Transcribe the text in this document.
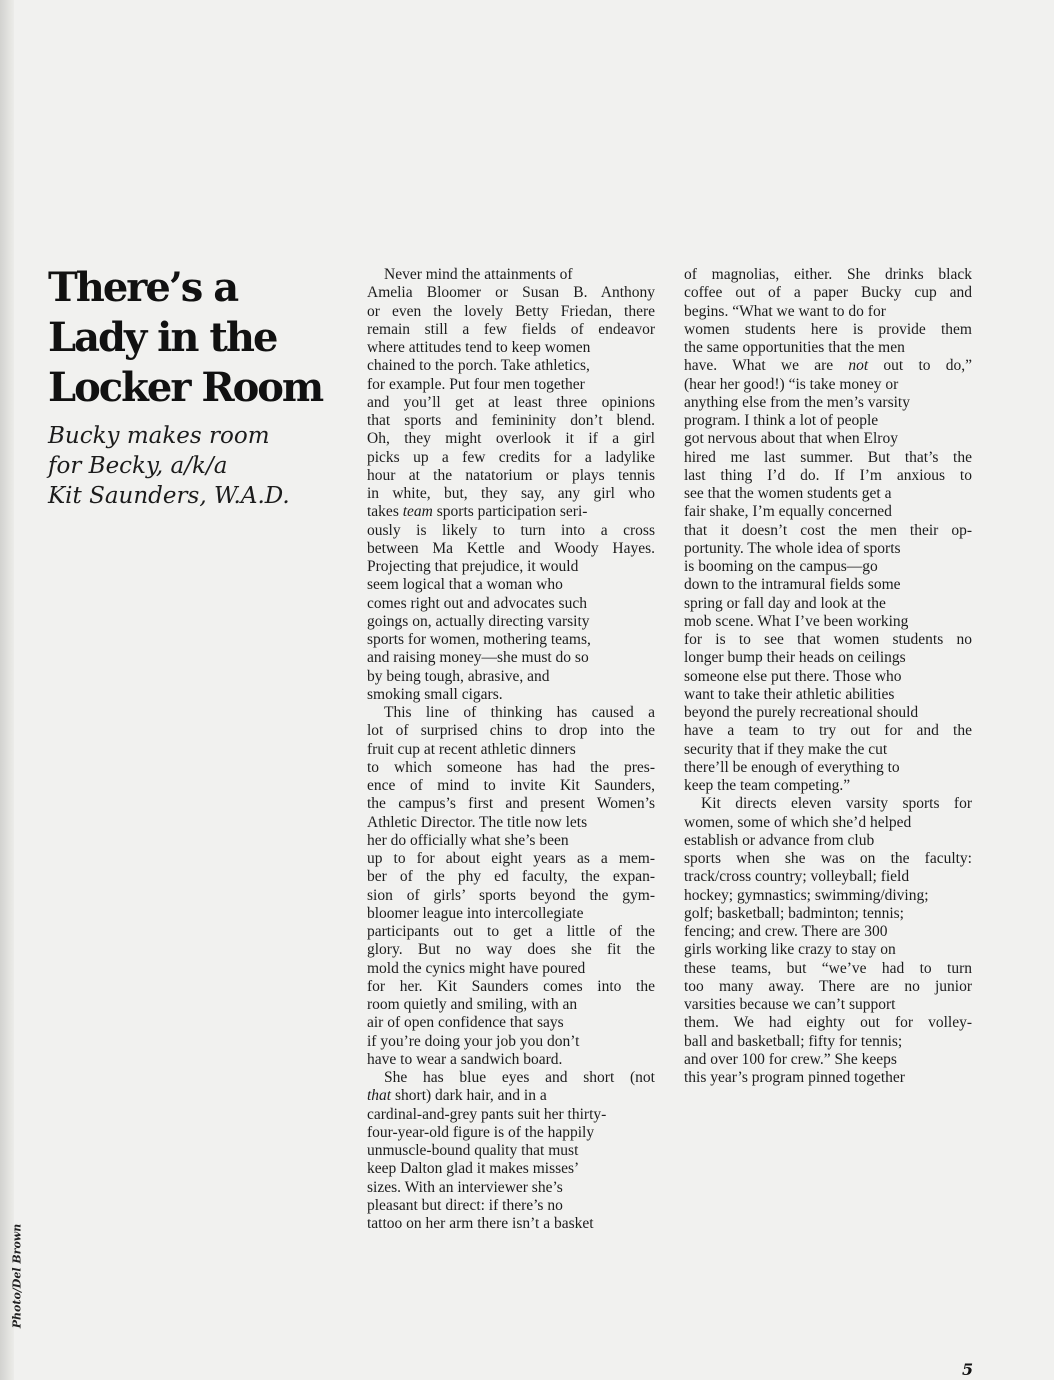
There’s a
Lady in the
Locker Room
Bucky makes room
for Becky, a/k/a
Kit Saunders, W.A.D.
Never mind the attainments of
Amelia Bloomer or Susan B. Anthony
or even the lovely Betty Friedan, there
remain still a few fields of endeavor
where attitudes tend to keep women
chained to the porch. Take athletics,
for example. Put four men together
and you’ll get at least three opinions
that sports and femininity don’t blend.
Oh, they might overlook it if a girl
picks up a few credits for a ladylike
hour at the natatorium or plays tennis
in white, but, they say, any girl who
takes team sports participation seri-
ously is likely to turn into a cross
between Ma Kettle and Woody Hayes.
Projecting that prejudice, it would
seem logical that a woman who
comes right out and advocates such
goings on, actually directing varsity
sports for women, mothering teams,
and raising money—she must do so
by being tough, abrasive, and
smoking small cigars.
This line of thinking has caused a
lot of surprised chins to drop into the
fruit cup at recent athletic dinners
to which someone has had the pres-
ence of mind to invite Kit Saunders,
the campus’s first and present Women’s
Athletic Director. The title now lets
her do officially what she’s been
up to for about eight years as a mem-
ber of the phy ed faculty, the expan-
sion of girls’ sports beyond the gym-
bloomer league into intercollegiate
participants out to get a little of the
glory. But no way does she fit the
mold the cynics might have poured
for her. Kit Saunders comes into the
room quietly and smiling, with an
air of open confidence that says
if you’re doing your job you don’t
have to wear a sandwich board.
She has blue eyes and short (not
that short) dark hair, and in a
cardinal-and-grey pants suit her thirty-
four-year-old figure is of the happily
unmuscle-bound quality that must
keep Dalton glad it makes misses’
sizes. With an interviewer she’s
pleasant but direct: if there’s no
tattoo on her arm there isn’t a basket
of magnolias, either. She drinks black
coffee out of a paper Bucky cup and
begins. “What we want to do for
women students here is provide them
the same opportunities that the men
have. What we are not out to do,”
(hear her good!) “is take money or
anything else from the men’s varsity
program. I think a lot of people
got nervous about that when Elroy
hired me last summer. But that’s the
last thing I’d do. If I’m anxious to
see that the women students get a
fair shake, I’m equally concerned
that it doesn’t cost the men their op-
portunity. The whole idea of sports
is booming on the campus—go
down to the intramural fields some
spring or fall day and look at the
mob scene. What I’ve been working
for is to see that women students no
longer bump their heads on ceilings
someone else put there. Those who
want to take their athletic abilities
beyond the purely recreational should
have a team to try out for and the
security that if they make the cut
there’ll be enough of everything to
keep the team competing.”
Kit directs eleven varsity sports for
women, some of which she’d helped
establish or advance from club
sports when she was on the faculty:
track/cross country; volleyball; field
hockey; gymnastics; swimming/diving;
golf; basketball; badminton; tennis;
fencing; and crew. There are 300
girls working like crazy to stay on
these teams, but “we’ve had to turn
too many away. There are no junior
varsities because we can’t support
them. We had eighty out for volley-
ball and basketball; fifty for tennis;
and over 100 for crew.” She keeps
this year’s program pinned together
Photo/Del Brown
5
